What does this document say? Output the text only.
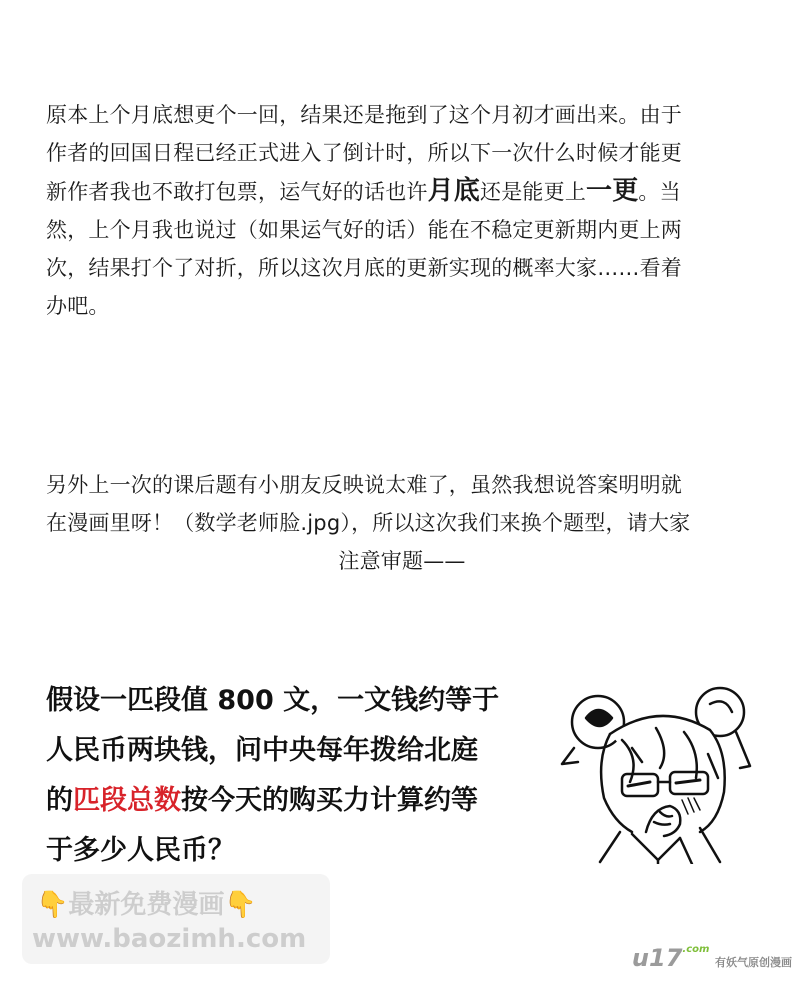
原本上个月底想更个一回，结果还是拖到了这个月初才画出来。由于

作者的回国日程已经正式进入了倒计时，所以下一次什么时候才能更

新作者我也不敢打包票，运气好的话也许月底还是能更上一更。当

然，上个月我也说过（如果运气好的话）能在不稳定更新期内更上两

次，结果打个了对折，所以这次月底的更新实现的概率大家……看着

办吧。

另外上一次的课后题有小朋友反映说太难了，虽然我想说答案明明就

在漫画里呀！（数学老师脸.jpg），所以这次我们来换个题型，请大家

注意审题——

假设一匹段值 800 文，一文钱约等于

人民币两块钱，问中央每年拨给北庭

的匹段总数按今天的购买力计算约等

于多少人民币？

👇最新免费漫画👇
www.baozimh.com
$u17^{.com}$ 有妖气原创漫画
